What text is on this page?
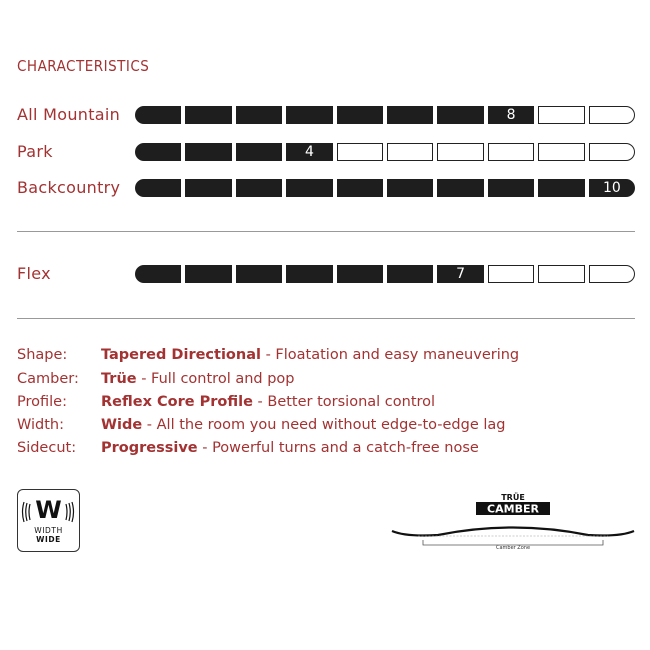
CHARACTERISTICS
All Mountain	8
Park	4
Backcountry	10
Flex	7
Shape: Tapered Directional - Floatation and easy maneuvering
Camber: Trüe - Full control and pop
Profile: Reflex Core Profile - Better torsional control
Width:	Wide - All the room you need without edge-to-edge lag
Sidecut: Progressive - Powerful turns and a catch-free nose
W
WIDTH
WIDE
TRÜE
CAMBER
Camber Zone
